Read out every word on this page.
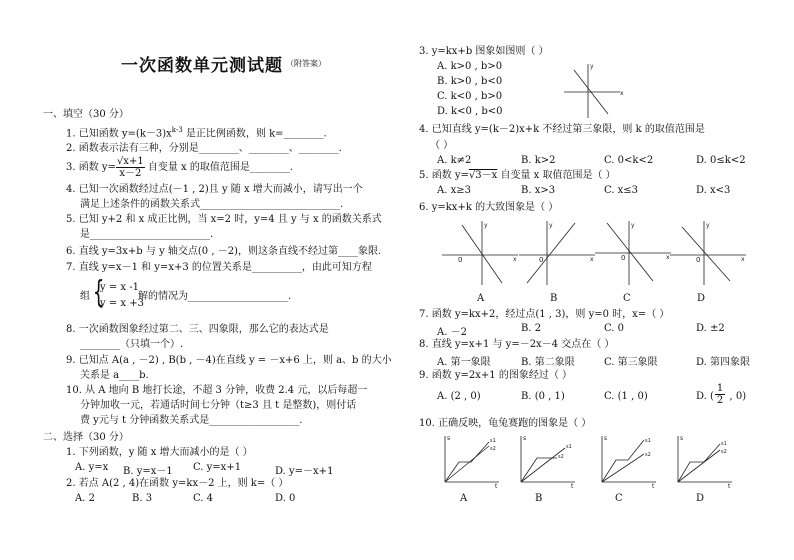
一次函数单元测试题 （附答案）
一、填空（30 分）
1. 已知函数 $y=(k-3)x^{k-3}$ 是正比例函数，则 k=________.
2. 函数表示法有三种，分别是________、________、________.
3. 函数 $y= \frac{√x+1}{x-2}$ 自变量 x 的取值范围是________.
4. 已知一次函数经过点(－1 , 2)且 y 随 x 增大而减小，请写出一个
满足上述条件的函数关系式____________________________.
5. 已知 y+2 和 x 成正比例，当 x=2 时，y=4 且 y 与 x 的函数关系式
是________________________.
6. 直线 y=3x+b 与 y 轴交点(0 , －2)，则这条直线不经过第____象限.
7. 直线 y=x－1 和 y=x+3 的位置关系是__________，由此可知方程
组 {
y = x -1
y = x +3
解的情况为____________________.
8. 一次函数图象经过第二、三、四象限，那么它的表达式是
________（只填一个）.
9. 已知点 A(a , －2) , B(b , －4)在直线 y = －x+6 上，则 a、b 的大小
关系是 a____b.
10. 从 A 地向 B 地打长途，不超 3 分钟，收费 2.4 元，以后每超一
分钟加收一元，若通话时间七分钟（t≥3 且 t 是整数)，则付话
费 y元与 t 分钟函数关系式是__________________.
二、选择（30 分）
1. 下列函数，y 随 x 增大而减小的是（ ）
A. y=x B. y=x－1 C. y=x+1	D. y=－x+1
2. 若点 A(2 , 4)在函数 y=kx－2 上，则 k=（ ）
A. 2	B. 3	C. 4	D. 0
3. y=kx+b 图象如图则（ ）
A. k>0 , b>0
B. k>0 , b<0
C. k<0 , b>0
D. k<0 , b<0
y
x
4. 已知直线 y=(k－2)x+k 不经过第三象限，则 k 的取值范围是
（ ）
A. k≠2	B. k>2	C. 0<k<2	D. 0≤k<2
5. 函数 y=√3－x 自变量 x 取值范围是（ ）
A. x≥3	B. x>3	C. x≤3	D. x<3
6. y=kx+k 的大致图象是（ ）
y
x
0
y
x
0
y
x
0
y
x
0
A	B	C	D
7. 函数 y=kx+2，经过点(1 , 3)，则 y=0 时，x=（ ）
A. －2	B. 2	C. 0	D. ±2
8. 直线 y=x+1 与 y=－2x－4 交点在（ ）
A. 第一象限	B. 第二象限	C. 第三象限	D. 第四象限
9. 函数 y=2x+1 的图象经过（ ）
A. (2 , 0)	B. (0 , 1)	C. (1 , 0)	D. ( $\frac{1}{2}$ , 0)
10. 正确反映，龟兔赛跑的图象是（ ）
s
t
s1
s2
s
t
s1
s2
s
t
s1
s2
s
t
s1
s2
A	B	C	D
